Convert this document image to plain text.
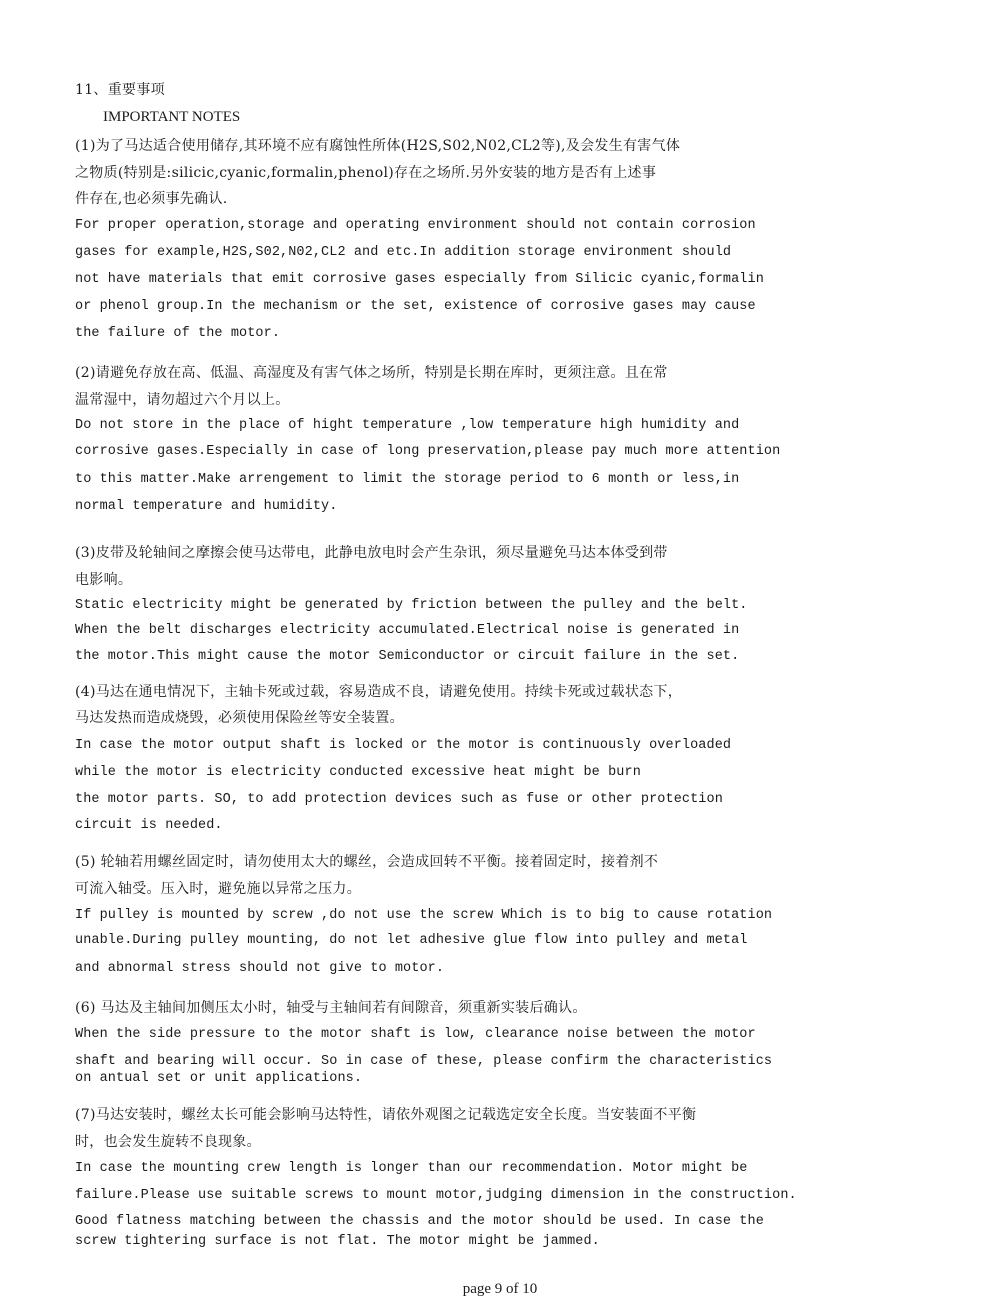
11、重要事项
IMPORTANT NOTES
(1)为了马达适合使用储存,其环境不应有腐蚀性所体(H2S,S02,N02,CL2等),及会发生有害气体
之物质(特别是:silicic,cyanic,formalin,phenol)存在之场所.另外安装的地方是否有上述事
件存在,也必须事先确认.
For proper operation,storage and operating environment should not contain corrosion
gases for example,H2S,S02,N02,CL2 and etc.In addition storage environment should
not have materials that emit corrosive gases especially from Silicic cyanic,formalin
or phenol group.In the mechanism or the set, existence of corrosive gases may cause
the failure of the motor.
(2)请避免存放在高、低温、高湿度及有害气体之场所，特别是长期在库时，更须注意。且在常
温常湿中，请勿超过六个月以上。
Do not store in the place of hight temperature ,low temperature high humidity and
corrosive gases.Especially in case of long preservation,please pay much more attention
to this matter.Make arrengement to limit the storage period to 6 month or less,in
normal temperature and humidity.
(3)皮带及轮轴间之摩擦会使马达带电，此静电放电时会产生杂讯，须尽量避免马达本体受到带
电影响。
Static electricity might be generated by friction between the pulley and the belt.
When the belt discharges electricity accumulated.Electrical noise is generated in
the motor.This might cause the motor Semiconductor or circuit failure in the set.
(4)马达在通电情况下，主轴卡死或过载，容易造成不良，请避免使用。持续卡死或过载状态下，
马达发热而造成烧毁，必须使用保险丝等安全装置。
In case the motor output shaft is locked or the motor is continuously overloaded
while the motor is electricity conducted excessive heat might be burn
the motor parts. SO, to add protection devices such as fuse or other protection
circuit is needed.
(5) 轮轴若用螺丝固定时，请勿使用太大的螺丝，会造成回转不平衡。接着固定时，接着剂不
可流入轴受。压入时，避免施以异常之压力。
If pulley is mounted by screw ,do not use the screw Which is to big to cause rotation
unable.During pulley mounting, do not let adhesive glue flow into pulley and metal
and abnormal stress should not give to motor.
(6) 马达及主轴间加侧压太小时，轴受与主轴间若有间隙音，须重新实装后确认。
When the side pressure to the motor shaft is low, clearance noise between the motor
shaft and bearing will occur. So in case of these, please confirm the characteristics
on antual set or unit applications.
(7)马达安装时，螺丝太长可能会影响马达特性，请依外观图之记载选定安全长度。当安装面不平衡
时，也会发生旋转不良现象。
In case the mounting crew length is longer than our recommendation. Motor might be
failure.Please use suitable screws to mount motor,judging dimension in the construction.
Good flatness matching between the chassis and the motor should be used. In case the
screw tightering surface is not flat. The motor might be jammed.
page 9 of 10
